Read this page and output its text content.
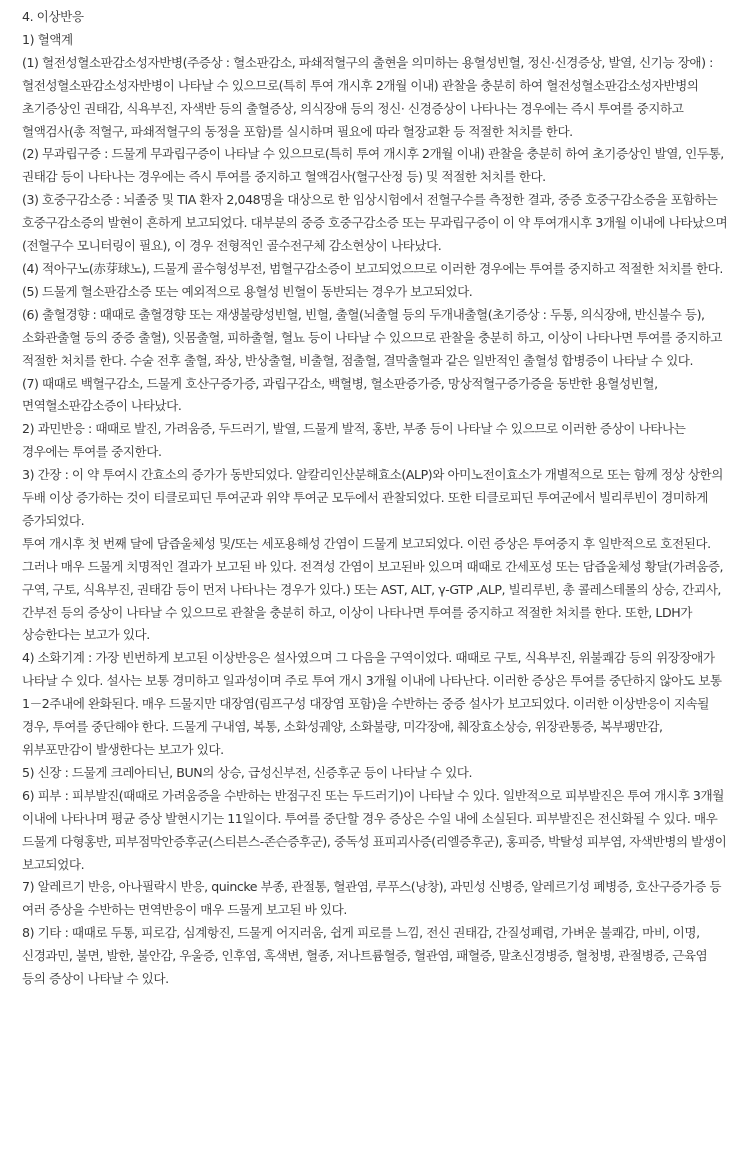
4. 이상반응

1) 혈액계

(1) 혈전성혈소판감소성자반병(주증상 : 혈소판감소, 파쇄적혈구의 출현을 의미하는 용혈성빈혈, 정신·신경증상, 발열, 신기능 장애) : 혈전성혈소판감소성자반병이 나타날 수 있으므로(특히 투여 개시후 2개월 이내) 관찰을 충분히 하여 혈전성혈소판감소성자반병의 초기증상인 권태감, 식욕부진, 자색반 등의 출혈증상, 의식장애 등의 정신· 신경증상이 나타나는 경우에는 즉시 투여를 중지하고 혈액검사(총 적혈구, 파쇄적혈구의 동정을 포함)를 실시하며 필요에 따라 혈장교환 등 적절한 처치를 한다.

(2) 무과립구증 : 드물게 무과립구증이 나타날 수 있으므로(특히 투여 개시후 2개월 이내) 관찰을 충분히 하여 초기증상인 발열, 인두통, 권태감 등이 나타나는 경우에는 즉시 투여를 중지하고 혈액검사(혈구산정 등) 및 적절한 처치를 한다.

(3) 호중구감소증 : 뇌졸중 및 TIA 환자 2,048명을 대상으로 한 임상시험에서 전혈구수를 측정한 결과, 중증 호중구감소증을 포함하는 호중구감소증의 발현이 흔하게 보고되었다. 대부분의 중증 호중구감소증 또는 무과립구증이 이 약 투여개시후 3개월 이내에 나타났으며(전혈구수 모니터링이 필요), 이 경우 전형적인 골수전구체 감소현상이 나타났다.

(4) 적아구노(赤芽球노), 드물게 골수형성부전, 범혈구감소증이 보고되었으므로 이러한 경우에는 투여를 중지하고 적절한 처치를 한다.

(5) 드물게 혈소판감소증 또는 예외적으로 용혈성 빈혈이 동반되는 경우가 보고되었다.

(6) 출혈경향 : 때때로 출혈경향 또는 재생불량성빈혈, 빈혈, 출혈(뇌출혈 등의 두개내출혈(초기증상 : 두통, 의식장애, 반신불수 등), 소화관출혈 등의 중증 출혈), 잇몸출혈, 피하출혈, 혈뇨 등이 나타날 수 있으므로 관찰을 충분히 하고, 이상이 나타나면 투여를 중지하고 적절한 처치를 한다. 수술 전후 출혈, 좌상, 반상출혈, 비출혈, 점출혈, 결막출혈과 같은 일반적인 출혈성 합병증이 나타날 수 있다.

(7) 때때로 백혈구감소, 드물게 호산구증가증, 과립구감소, 백혈병, 혈소판증가증, 망상적혈구증가증을 동반한 용혈성빈혈, 면역혈소판감소증이 나타났다.

2) 과민반응 : 때때로 발진, 가려움증, 두드러기, 발열, 드물게 발적, 홍반, 부종 등이 나타날 수 있으므로 이러한 증상이 나타나는 경우에는 투여를 중지한다.

3) 간장 : 이 약 투여시 간효소의 증가가 동반되었다. 알칼리인산분해효소(ALP)와 아미노전이효소가 개별적으로 또는 함께 정상 상한의 두배 이상 증가하는 것이 티클로피딘 투여군과 위약 투여군 모두에서 관찰되었다. 또한 티클로피딘 투여군에서 빌리루빈이 경미하게 증가되었다.

투여 개시후 첫 번째 달에 담즙울체성 및/또는 세포용해성 간염이 드물게 보고되었다. 이런 증상은 투여중지 후 일반적으로 호전된다. 그러나 매우 드물게 치명적인 결과가 보고된 바 있다. 전격성 간염이 보고된바 있으며 때때로 간세포성 또는 담즙울체성 황달(가려움증, 구역, 구토, 식욕부진, 권태감 등이 먼저 나타나는 경우가 있다.) 또는 AST, ALT, γ-GTP ,ALP, 빌리루빈, 총 콜레스테롤의 상승, 간괴사, 간부전 등의 증상이 나타날 수 있으므로 관찰을 충분히 하고, 이상이 나타나면 투여를 중지하고 적절한 처치를 한다. 또한, LDH가 상승한다는 보고가 있다.

4) 소화기계 : 가장 빈번하게 보고된 이상반응은 설사였으며 그 다음을 구역이었다. 때때로 구토, 식욕부진, 위불쾌감 등의 위장장애가 나타날 수 있다. 설사는 보통 경미하고 일과성이며 주로 투여 개시 3개월 이내에 나타난다. 이러한 증상은 투여를 중단하지 않아도 보통 1－2주내에 완화된다. 매우 드물지만 대장염(림프구성 대장염 포함)을 수반하는 중증 설사가 보고되었다. 이러한 이상반응이 지속될 경우, 투여를 중단해야 한다. 드물게 구내염, 복통, 소화성궤양, 소화불량, 미각장애, 췌장효소상승, 위장관통증, 복부팽만감, 위부포만감이 발생한다는 보고가 있다.

5) 신장 : 드물게 크레아티닌, BUN의 상승, 급성신부전, 신증후군 등이 나타날 수 있다.

6) 피부 : 피부발진(때때로 가려움증을 수반하는 반점구진 또는 두드러기)이 나타날 수 있다. 일반적으로 피부발진은 투여 개시후 3개월 이내에 나타나며 평균 증상 발현시기는 11일이다. 투여를 중단할 경우 증상은 수일 내에 소실된다. 피부발진은 전신화될 수 있다. 매우 드물게 다형홍반, 피부점막안증후군(스티븐스-존슨증후군), 중독성 표피괴사증(리엘증후군), 홍피증, 박탈성 피부염, 자색반병의 발생이 보고되었다.

7) 알레르기 반응, 아나필락시 반응, quincke 부종, 관절통, 혈관염, 루푸스(낭창), 과민성 신병증, 알레르기성 폐병증, 호산구증가증 등 여러 증상을 수반하는 면역반응이 매우 드물게 보고된 바 있다.

8) 기타 : 때때로 두통, 피로감, 심계항진, 드물게 어지러움, 쉽게 피로를 느낌, 전신 권태감, 간질성폐렴, 가벼운 불쾌감, 마비, 이명, 신경과민, 불면, 발한, 불안감, 우울증, 인후염, 혹색변, 혈종, 저나트륨혈증, 혈관염, 패혈증, 말초신경병증, 혈청병, 관절병증, 근육염 등의 증상이 나타날 수 있다.
